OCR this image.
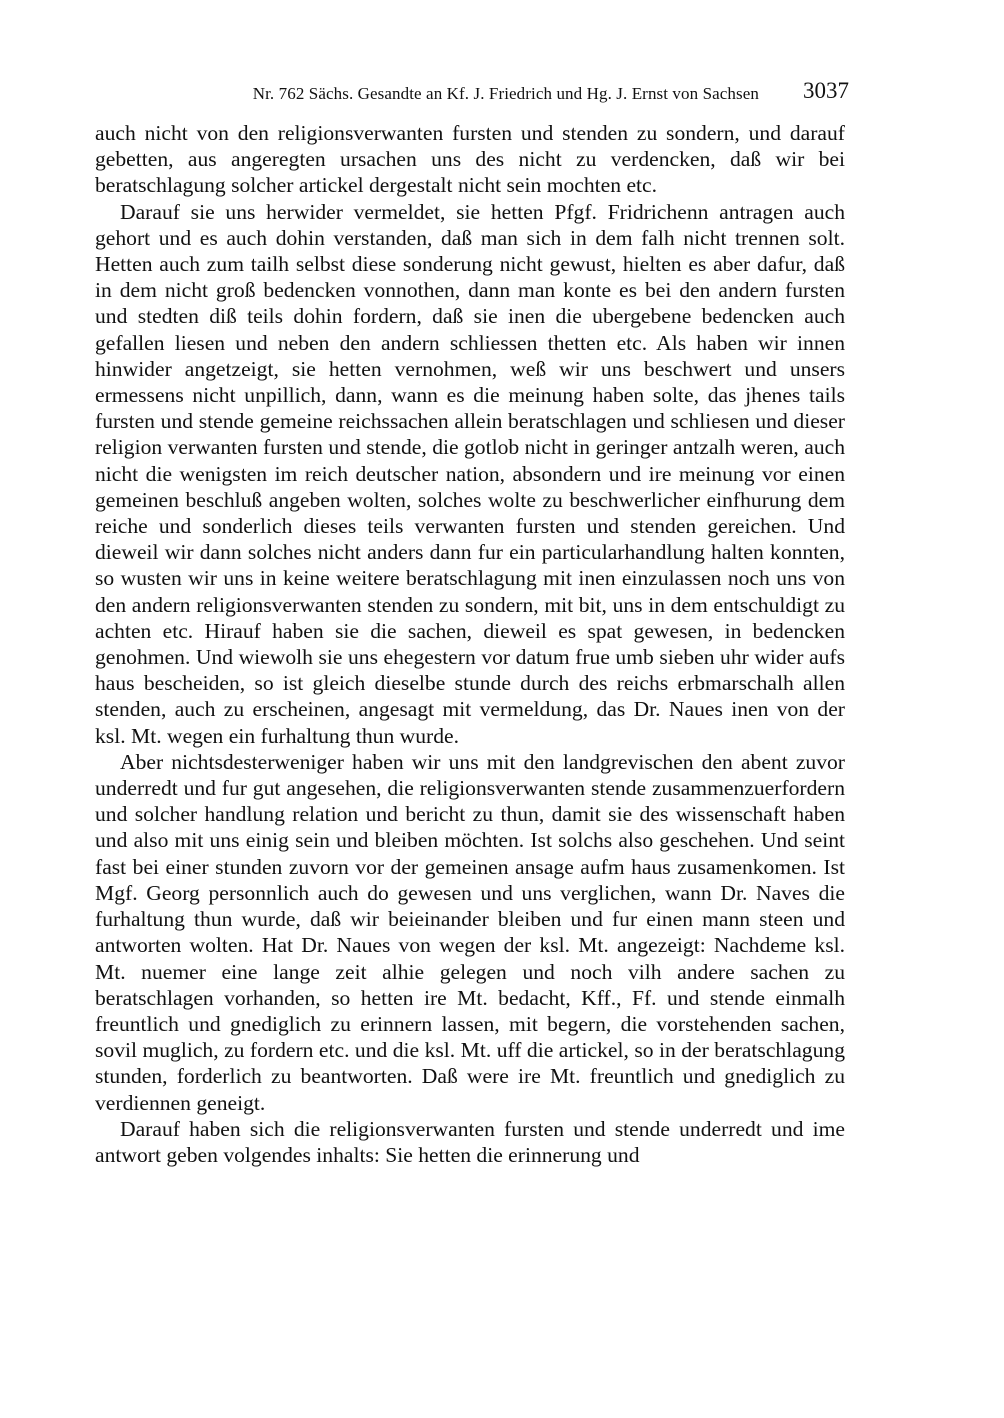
Nr. 762 Sächs. Gesandte an Kf. J. Friedrich und Hg. J. Ernst von Sachsen 3037

auch nicht von den religionsverwanten fursten und stenden zu sondern, und darauf gebetten, aus angeregten ursachen uns des nicht zu verdencken, daß wir bei beratschlagung solcher artickel dergestalt nicht sein mochten etc.

Darauf sie uns herwider vermeldet, sie hetten Pfgf. Fridrichenn antragen auch gehort und es auch dohin verstanden, daß man sich in dem falh nicht trennen solt. Hetten auch zum tailh selbst diese sonderung nicht gewust, hielten es aber dafur, daß in dem nicht groß bedencken vonnothen, dann man konte es bei den andern fursten und stedten diß teils dohin fordern, daß sie inen die ubergebene bedencken auch gefallen liesen und neben den andern schliessen thetten etc. Als haben wir innen hinwider angetzeigt, sie hetten vernohmen, weß wir uns beschwert und unsers ermessens nicht unpillich, dann, wann es die meinung haben solte, das jhenes tails fursten und stende gemeine reichssachen allein beratschlagen und schliesen und dieser religion verwanten fursten und stende, die gotlob nicht in geringer antzalh weren, auch nicht die wenigsten im reich deutscher nation, absondern und ire meinung vor einen gemeinen beschluß angeben wolten, solches wolte zu beschwerlicher einfhurung dem reiche und sonderlich dieses teils verwanten fursten und stenden gereichen. Und dieweil wir dann solches nicht anders dann fur ein particularhandlung halten konnten, so wusten wir uns in keine weitere beratschlagung mit inen einzulassen noch uns von den andern religionsverwanten stenden zu sondern, mit bit, uns in dem entschuldigt zu achten etc. Hirauf haben sie die sachen, dieweil es spat gewesen, in bedencken genohmen. Und wiewolh sie uns ehegestern vor datum frue umb sieben uhr wider aufs haus bescheiden, so ist gleich dieselbe stunde durch des reichs erbmarschalh allen stenden, auch zu erscheinen, angesagt mit vermeldung, das Dr. Naues inen von der ksl. Mt. wegen ein furhaltung thun wurde.

Aber nichtsdesterweniger haben wir uns mit den landgrevischen den abent zuvor underredt und fur gut angesehen, die religionsverwanten stende zusammenzuerfordern und solcher handlung relation und bericht zu thun, damit sie des wissenschaft haben und also mit uns einig sein und bleiben möchten. Ist solchs also geschehen. Und seint fast bei einer stunden zuvorn vor der gemeinen ansage aufm haus zusamenkomen. Ist Mgf. Georg personnlich auch do gewesen und uns verglichen, wann Dr. Naves die furhaltung thun wurde, daß wir beieinander bleiben und fur einen mann steen und antworten wolten. Hat Dr. Naues von wegen der ksl. Mt. angezeigt: Nachdeme ksl. Mt. nuemer eine lange zeit alhie gelegen und noch vilh andere sachen zu beratschlagen vorhanden, so hetten ire Mt. bedacht, Kff., Ff. und stende einmalh freuntlich und gnediglich zu erinnern lassen, mit begern, die vorstehenden sachen, sovil muglich, zu fordern etc. und die ksl. Mt. uff die artickel, so in der beratschlagung stunden, forderlich zu beantworten. Daß were ire Mt. freuntlich und gnediglich zu verdiennen geneigt.

Darauf haben sich die religionsverwanten fursten und stende underredt und ime antwort geben volgendes inhalts: Sie hetten die erinnerung und
